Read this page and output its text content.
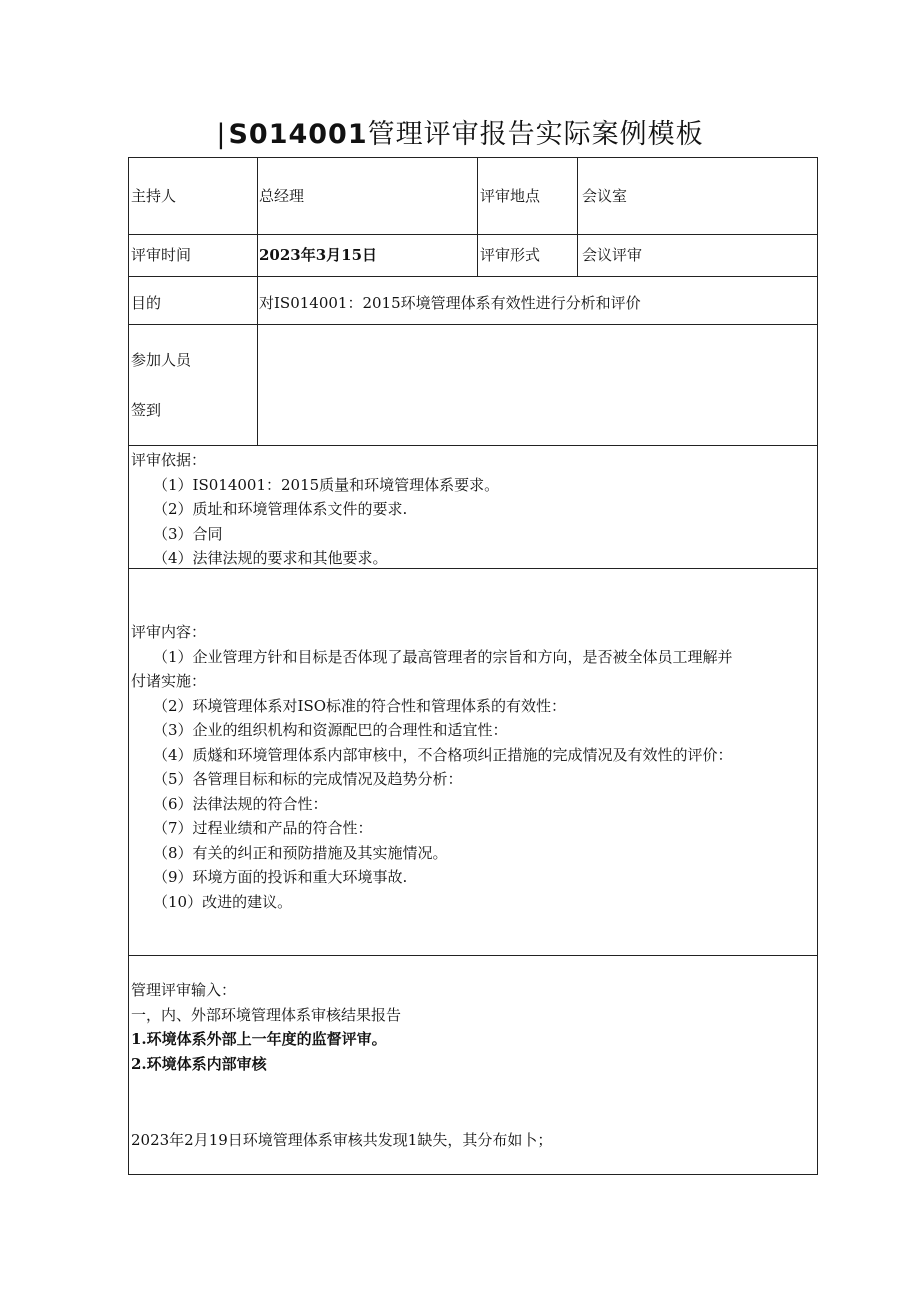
|S014001管理评审报告实际案例模板
主持人	总经理	评审地点	会议室
评审时间	2023年3月15日	评审形式	会议评审
目的	对IS014001：2015环境管理体系有效性进行分析和评价
参加人员
签到
评审依据：
（1）IS014001：2015质量和环境管理体系要求。
（2）质址和环境管理体系文件的要求.
（3）合同
（4）法律法规的要求和其他要求。
评审内容：
（1）企业管理方针和目标是否体现了最高管理者的宗旨和方向，是否被全体员工理解并
付诸实施：
（2）环境管理体系对ISO标准的符合性和管理体系的有效性：
（3）企业的组织机构和资源配巴的合理性和适宜性：
（4）质燧和环境管理体系内部审核中，不合格项纠正措施的完成情况及有效性的评价：
（5）各管理目标和标的完成情况及趋势分析：
（6）法律法规的符合性：
（7）过程业绩和产品的符合性：
（8）有关的纠正和预防措施及其实施情况。
（9）环境方面的投诉和重大环境事故.
（10）改进的建议。
管理评审输入：
一，内、外部环境管理体系审核结果报告
1.环境体系外部上一年度的监督评审。
2.环境体系内部审核
2023年2月19日环境管理体系审核共发现1缺失，其分布如卜；
